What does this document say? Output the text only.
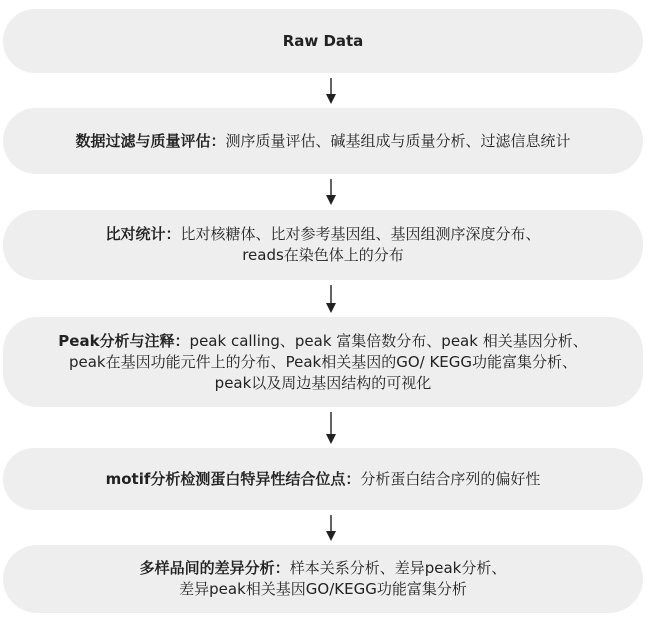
Raw Data
数据过滤与质量评估：测序质量评估、碱基组成与质量分析、过滤信息统计
比对统计：比对核糖体、比对参考基因组、基因组测序深度分布、
reads在染色体上的分布
Peak分析与注释：peak calling、peak 富集倍数分布、peak 相关基因分析、
peak在基因功能元件上的分布、Peak相关基因的GO/ KEGG功能富集分析、
peak以及周边基因结构的可视化
motif分析检测蛋白特异性结合位点：分析蛋白结合序列的偏好性
多样品间的差异分析：样本关系分析、差异peak分析、
差异peak相关基因GO/KEGG功能富集分析
